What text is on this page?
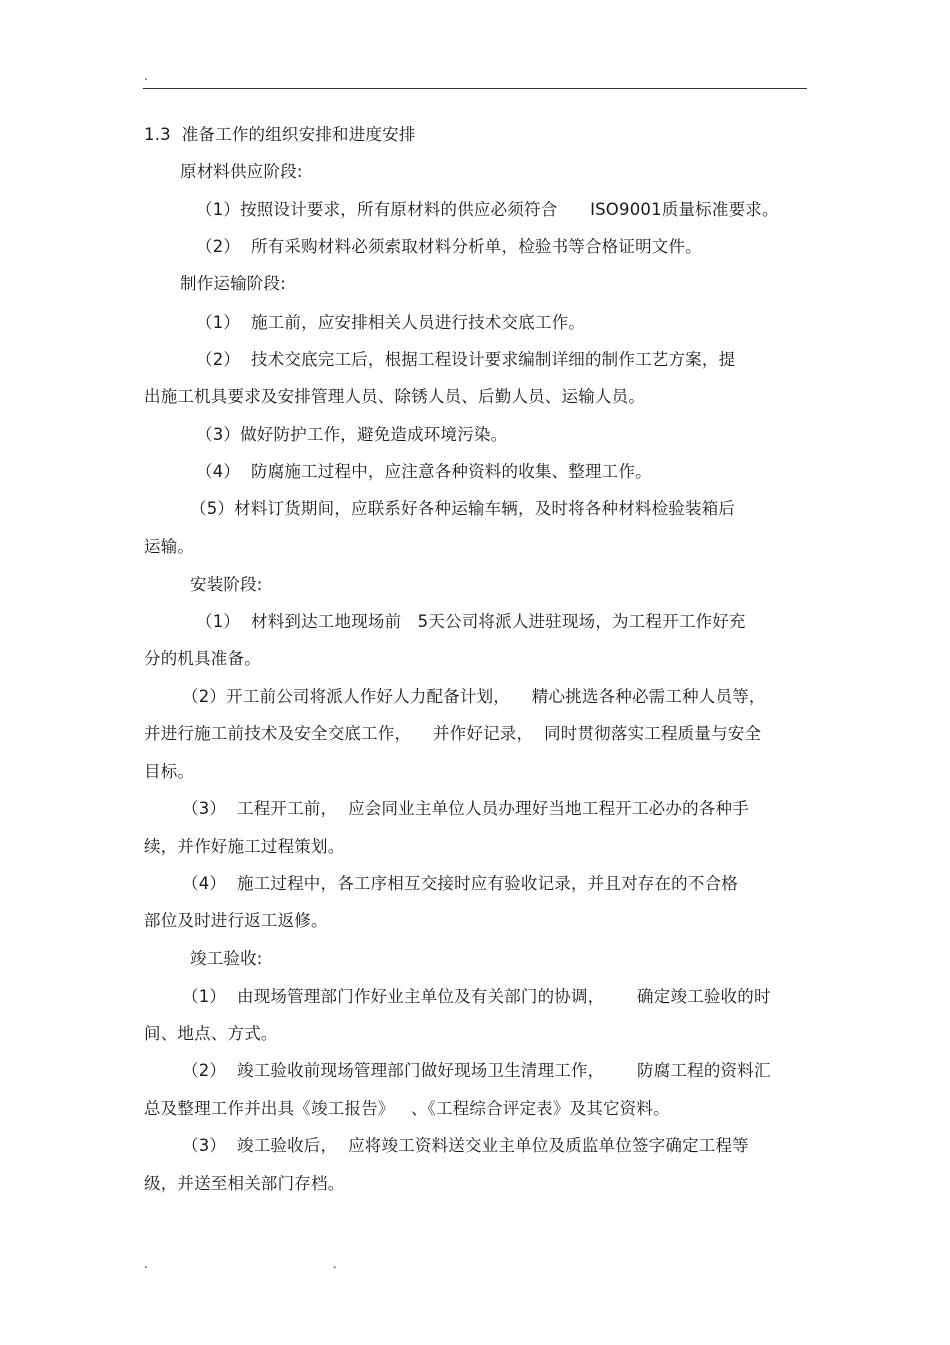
.
1.3  准备工作的组织安排和进度安排
原材料供应阶段:
（1）按照设计要求，所有原材料的供应必须符合      ISO9001质量标准要求。
（2）  所有采购材料必须索取材料分析单，检验书等合格证明文件。
制作运输阶段:
（1）  施工前，应安排相关人员进行技术交底工作。
（2）  技术交底完工后，根据工程设计要求编制详细的制作工艺方案，提
出施工机具要求及安排管理人员、除锈人员、后勤人员、运输人员。
（3）做好防护工作，避免造成环境污染。
（4）  防腐施工过程中，应注意各种资料的收集、整理工作。
（5）材料订货期间，应联系好各种运输车辆，及时将各种材料检验装箱后
运输。
安装阶段:
（1）  材料到达工地现场前   5天公司将派人进驻现场，为工程开工作好充
分的机具准备。
（2）开工前公司将派人作好人力配备计划，    精心挑选各种必需工种人员等，
并进行施工前技术及安全交底工作，    并作好记录，  同时贯彻落实工程质量与安全
目标。
（3）  工程开工前，  应会同业主单位人员办理好当地工程开工必办的各种手
续，并作好施工过程策划。
（4）  施工过程中，各工序相互交接时应有验收记录，并且对存在的不合格
部位及时进行返工返修。
竣工验收:
（1）  由现场管理部门作好业主单位及有关部门的协调，      确定竣工验收的时
间、地点、方式。
（2）  竣工验收前现场管理部门做好现场卫生清理工作，      防腐工程的资料汇
总及整理工作并出具《竣工报告》   、《工程综合评定表》及其它资料。
（3）  竣工验收后，  应将竣工资料送交业主单位及质监单位签字确定工程等
级，并送至相关部门存档。
.	.
